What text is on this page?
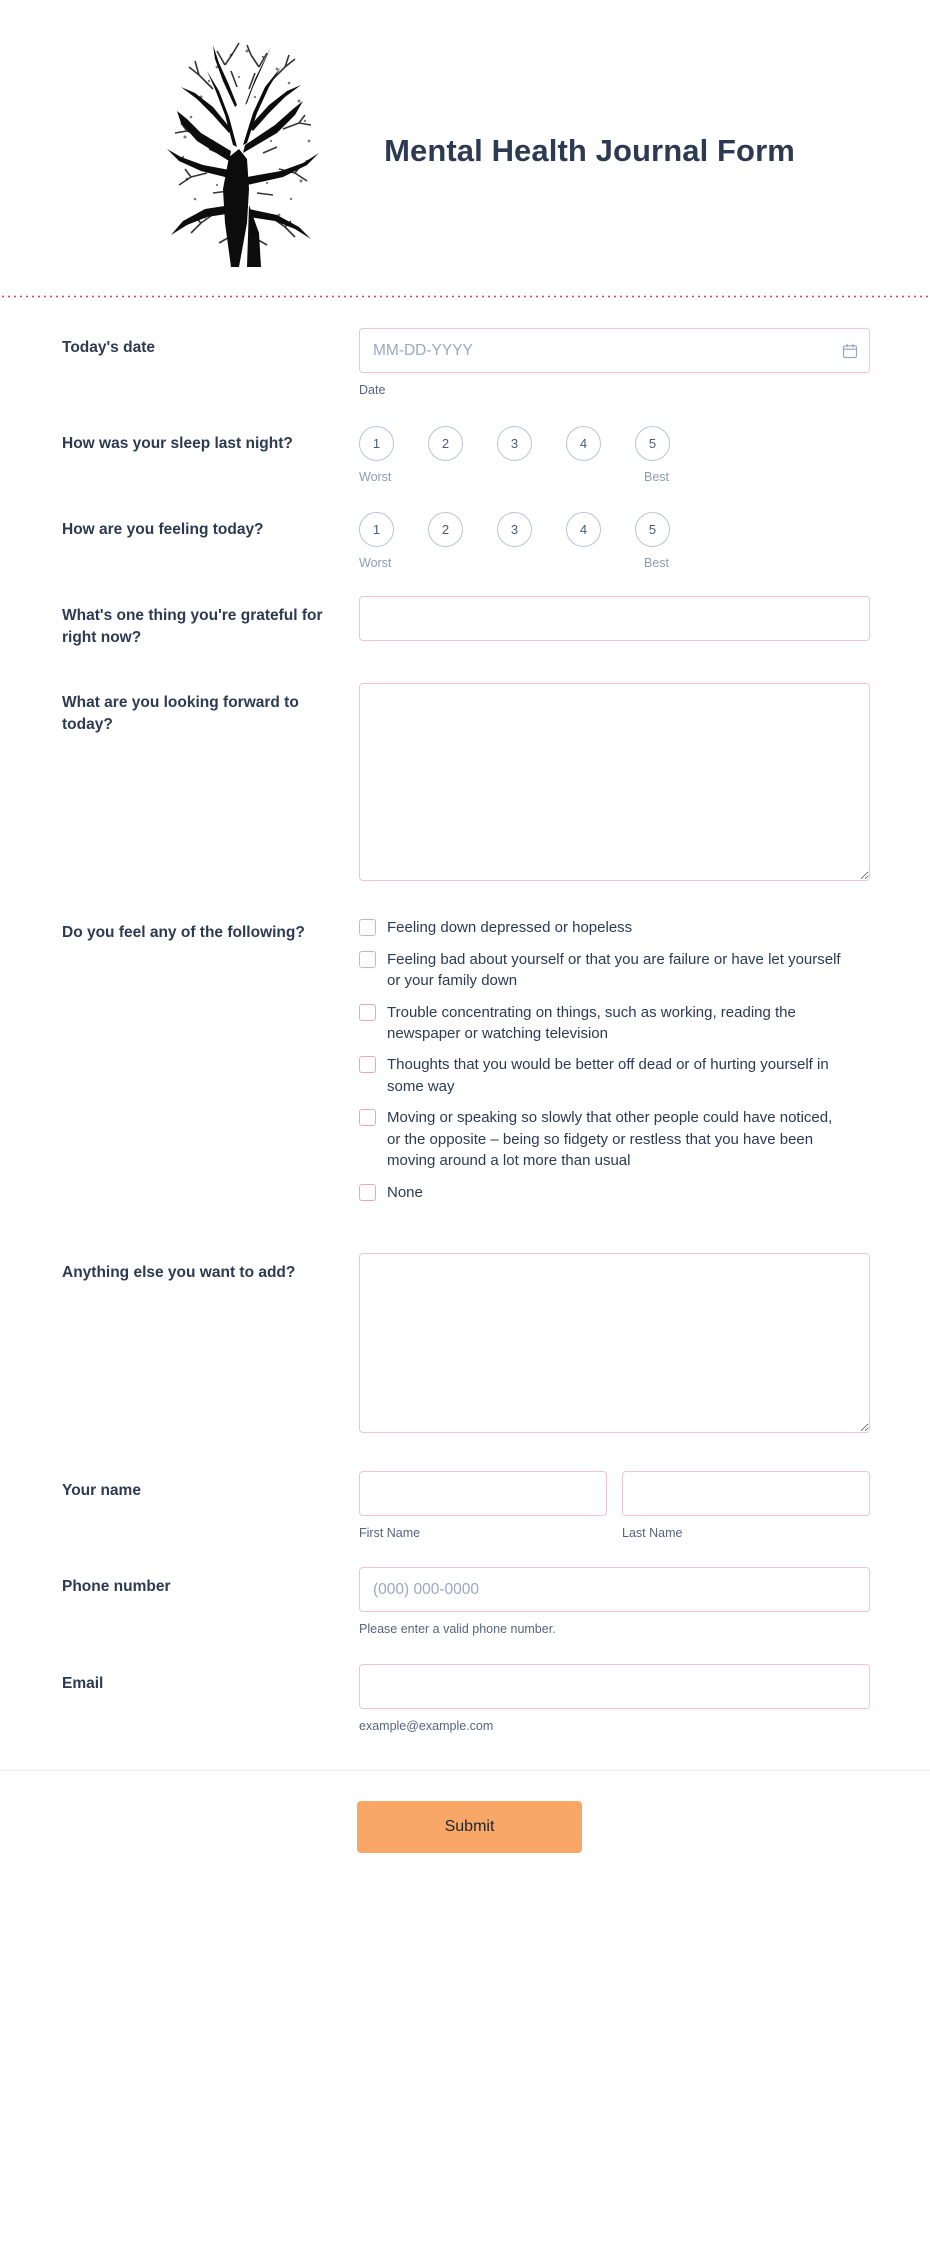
Mental Health Journal Form
Today's date
MM-DD-YYYY
Date
How was your sleep last night?	1	2	3	4	5
Worst	Best
How are you feeling today?	1	2	3	4	5
Worst	Best
What's one thing you're grateful for right now?
What are you looking forward to today?
Do you feel any of the following?	Feeling down depressed or hopeless
Feeling bad about yourself or that you are failure or have let yourself or your family down
Trouble concentrating on things, such as working, reading the newspaper or watching television
Thoughts that you would be better off dead or of hurting yourself in some way
Moving or speaking so slowly that other people could have noticed, or the opposite – being so fidgety or restless that you have been moving around a lot more than usual
None
Anything else you want to add?
Your name
First Name	Last Name
Phone number
(000) 000-0000
Please enter a valid phone number.
Email
example@example.com
Submit
